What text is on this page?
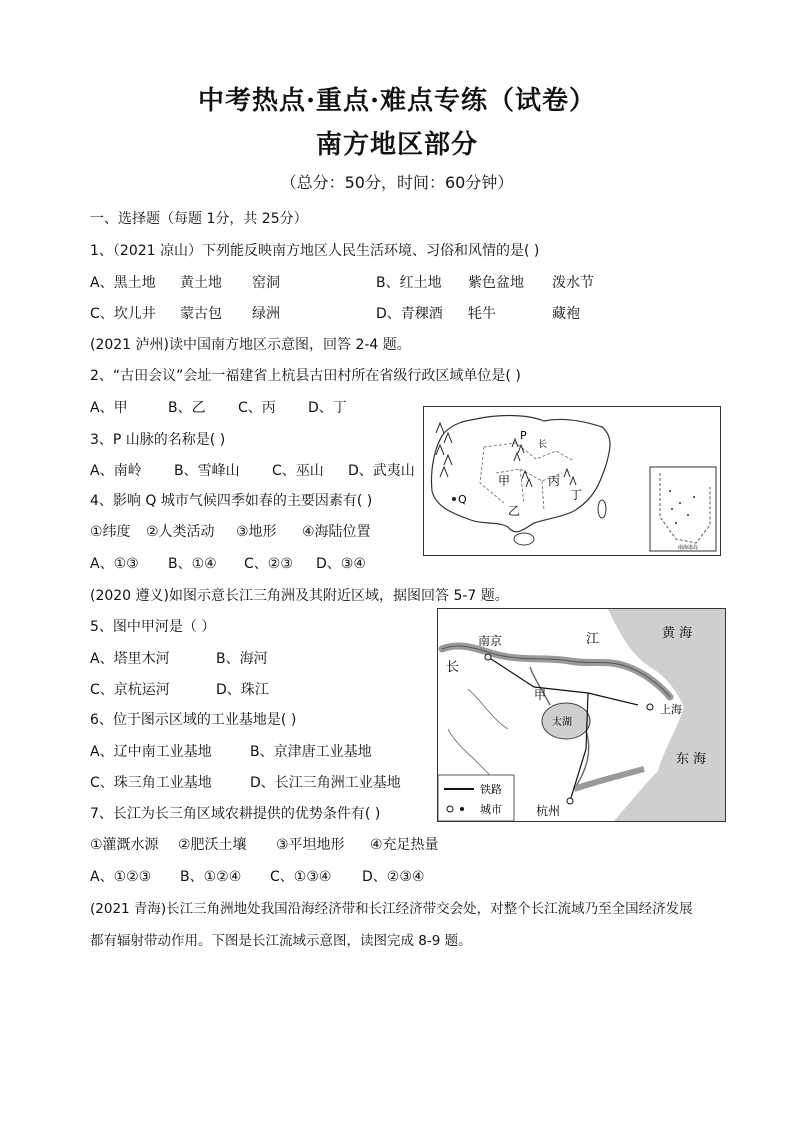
中考热点·重点·难点专练（试卷）
南方地区部分
（总分：50分，时间：60分钟）
一、选择题（每题 1分，共 25分）
1、（2021 凉山）下列能反映南方地区人民生活环境、习俗和风情的是( )
A、黑土地 黄土地 窑洞	B、红土地 紫色盆地 泼水节
C、坎儿井 蒙古包 绿洲	D、青稞酒 牦牛	藏袍
(2021 泸州)读中国南方地区示意图，回答 2-4 题。
2、“古田会议”会址一福建省上杭县古田村所在省级行政区域单位是( )
A、甲	B、乙 C、丙 D、丁
3、P 山脉的名称是( )
A、南岭 B、雪峰山 C、巫山 D、武夷山
4、影响 Q 城市气候四季如春的主要因素有( )
①纬度 ②人类活动 ③地形 ④海陆位置
A、①③ B、①④ C、②③ D、③④
(2020 遵义)如图示意长江三角洲及其附近区域，据图回答 5-7 题。
5、图中甲河是（ ）
A、塔里木河	B、海河
C、京杭运河	D、珠江
6、位于图示区域的工业基地是( )
A、辽中南工业基地	B、京津唐工业基地
C、珠三角工业基地	D、长江三角洲工业基地
7、长江为长三角区域农耕提供的优势条件有( )
①灌溉水源 ②肥沃土壤 ③平坦地形 ④充足热量
A、①②③ B、①②④ C、①③④ D、②③④
(2021 青海)长江三角洲地处我国沿海经济带和长江经济带交会处，对整个长江流域乃至全国经济发展
都有辐射带动作用。下图是长江流域示意图，读图完成 8-9 题。
P
长
甲	丙
丁
乙
Q
南海诸岛
南京	江
长
甲
太湖
上海
杭州
黄 海
东 海
铁路
城市
